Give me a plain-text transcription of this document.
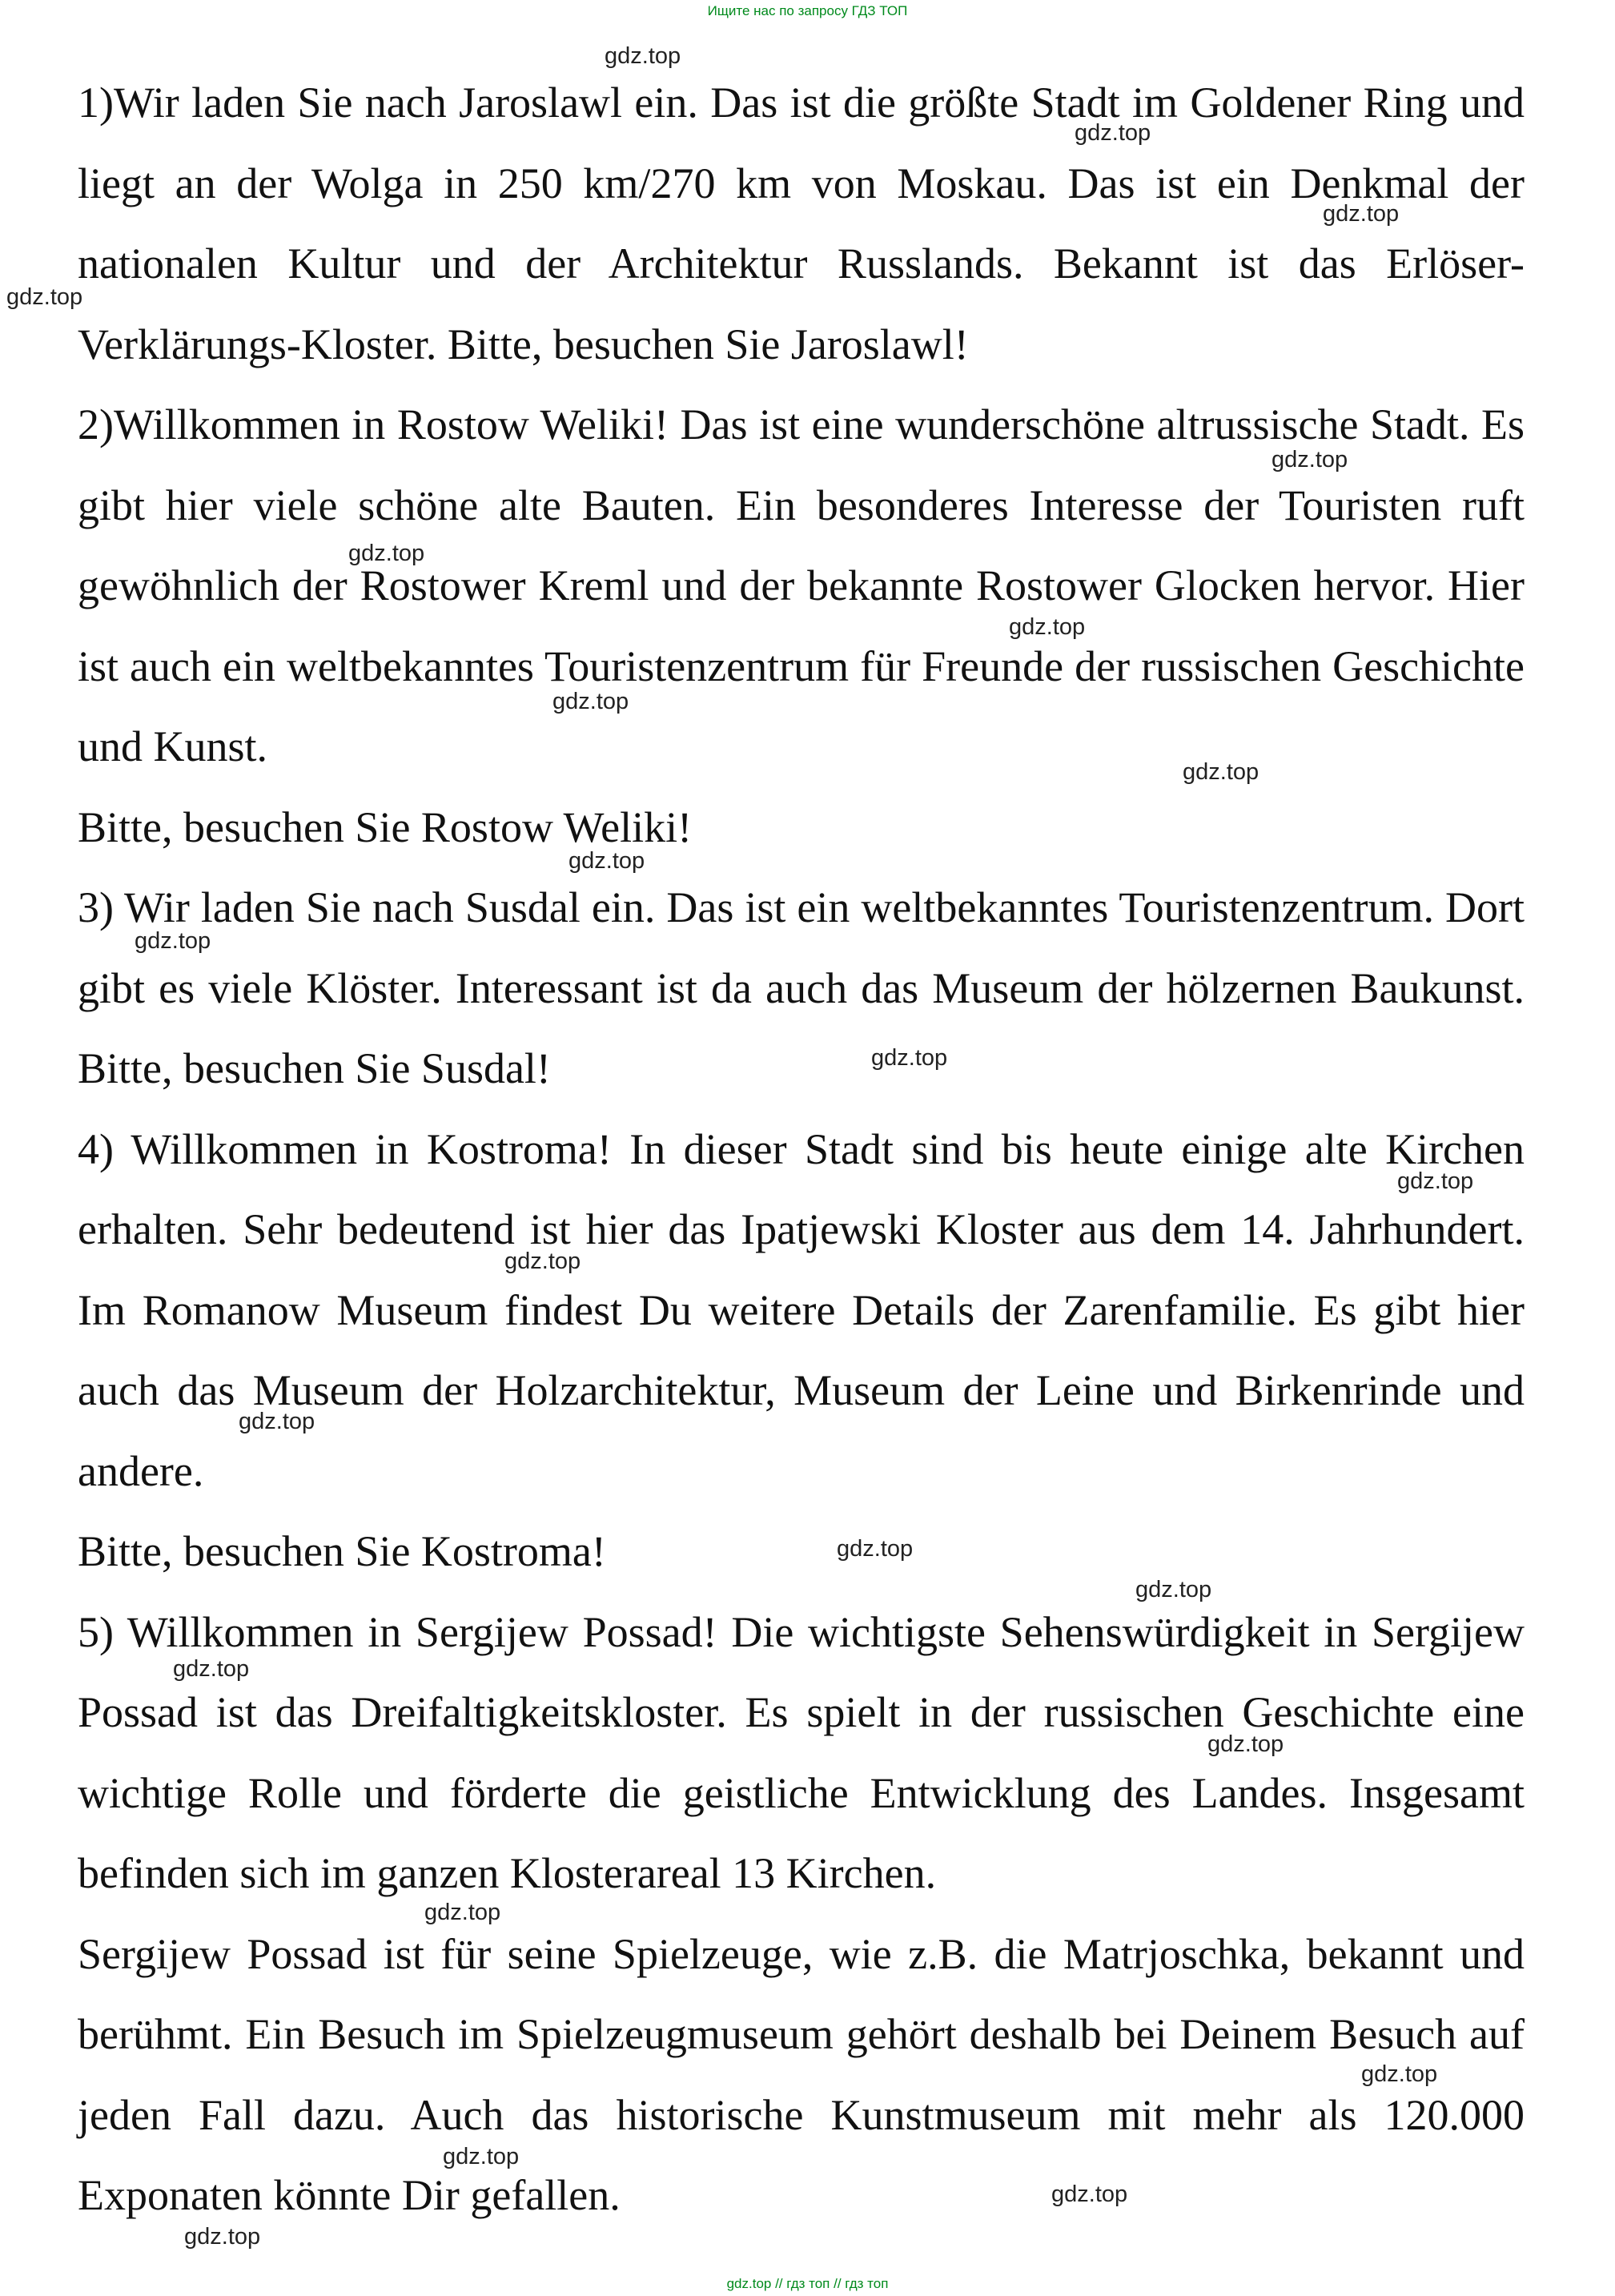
Ищите нас по запросу ГДЗ ТОП

1)Wir laden Sie nach Jaroslawl ein. Das ist die größte Stadt im Goldener Ring und liegt an der Wolga in 250 km/270 km von Moskau. Das ist ein Denkmal der nationalen Kultur und der Architektur Russlands. Bekannt ist das Erlöser-Verklärungs-Kloster. Bitte, besuchen Sie Jaroslawl!

2)Willkommen in Rostow Weliki! Das ist eine wunderschöne altrussische Stadt. Es gibt hier viele schöne alte Bauten. Ein besonderes Interesse der Touristen ruft gewöhnlich der Rostower Kreml und der bekannte Rostower Glocken hervor. Hier ist auch ein weltbekanntes Touristenzentrum für Freunde der russischen Geschichte und Kunst.

Bitte, besuchen Sie Rostow Weliki!

3) Wir laden Sie nach Susdal ein. Das ist ein weltbekanntes Touristenzentrum. Dort gibt es viele Klöster. Interessant ist da auch das Museum der hölzernen Baukunst. Bitte, besuchen Sie Susdal!

4) Willkommen in Kostroma! In dieser Stadt sind bis heute einige alte Kirchen erhalten. Sehr bedeutend ist hier das Ipatjewski Kloster aus dem 14. Jahrhundert. Im Romanow Museum findest Du weitere Details der Zarenfamilie. Es gibt hier auch das Museum der Holzarchitektur, Museum der Leine und Birkenrinde und andere.

Bitte, besuchen Sie Kostroma!

5) Willkommen in Sergijew Possad! Die wichtigste Sehenswürdigkeit in Sergijew Possad ist das Dreifaltigkeitskloster. Es spielt in der russischen Geschichte eine wichtige Rolle und förderte die geistliche Entwicklung des Landes. Insgesamt befinden sich im ganzen Klosterareal 13 Kirchen.

Sergijew Possad ist für seine Spielzeuge, wie z.B. die Matrjoschka, bekannt und berühmt. Ein Besuch im Spielzeugmuseum gehört deshalb bei Deinem Besuch auf jeden Fall dazu. Auch das historische Kunstmuseum mit mehr als 120.000 Exponaten könnte Dir gefallen.

gdz.top
gdz.top
gdz.top
gdz.top
gdz.top
gdz.top
gdz.top
gdz.top
gdz.top
gdz.top
gdz.top
gdz.top
gdz.top
gdz.top
gdz.top
gdz.top
gdz.top
gdz.top
gdz.top
gdz.top
gdz.top
gdz.top
gdz.top
gdz.top
gdz.top // гдз топ // гдз топ
